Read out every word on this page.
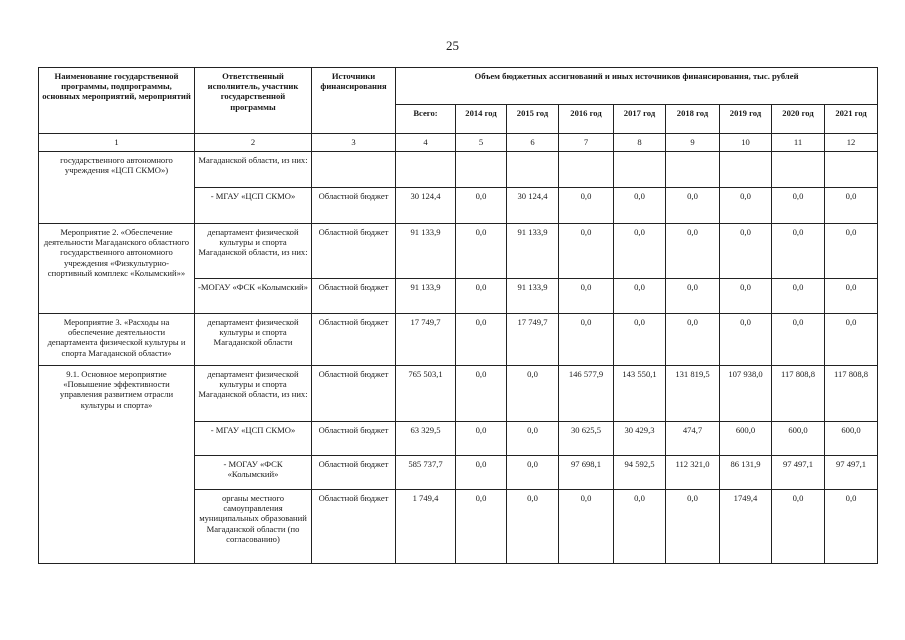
25
Наименование государственной программы, подпрограммы, основных мероприятий, мероприятий	Ответственный исполнитель, участник государственной программы	Источники финансирования	Объем бюджетных ассигнований и иных источников финансирования, тыс. рублей								
			Всего:	2014 год	2015 год	2016 год	2017 год	2018 год	2019 год	2020 год	2021 год
1	2	3	4	5	6	7	8	9	10	11	12
государственного автономного учреждения «ЦСП СКМО»)	Магаданской области, из них:										
	- МГАУ «ЦСП СКМО»	Областной бюджет	30 124,4	0,0	30 124,4	0,0	0,0	0,0	0,0	0,0	0,0
Мероприятие 2. «Обеспечение деятельности Магаданского областного государственного автономного учреждения «Физкультурно-спортивный комплекс «Колымский»»	департамент физической культуры и спорта Магаданской области, из них:	Областной бюджет	91 133,9	0,0	91 133,9	0,0	0,0	0,0	0,0	0,0	0,0
	-МОГАУ «ФСК «Колымский»	Областной бюджет	91 133,9	0,0	91 133,9	0,0	0,0	0,0	0,0	0,0	0,0
Мероприятие 3. «Расходы на обеспечение деятельности департамента физической культуры и спорта Магаданской области»	департамент физической культуры и спорта Магаданской области	Областной бюджет	17 749,7	0,0	17 749,7	0,0	0,0	0,0	0,0	0,0	0,0
9.1. Основное мероприятие «Повышение эффективности управления развитием отрасли культуры и спорта»	департамент физической культуры и спорта Магаданской области, из них:	Областной бюджет	765 503,1	0,0	0,0	146 577,9	143 550,1	131 819,5	107 938,0	117 808,8	117 808,8
	- МГАУ «ЦСП СКМО»	Областной бюджет	63 329,5	0,0	0,0	30 625,5	30 429,3	474,7	600,0	600,0	600,0
	- МОГАУ «ФСК «Колымский»	Областной бюджет	585 737,7	0,0	0,0	97 698,1	94 592,5	112 321,0	86 131,9	97 497,1	97 497,1
	органы местного самоуправления муниципальных образований Магаданской области (по согласованию)	Областной бюджет	1 749,4	0,0	0,0	0,0	0,0	0,0	1749,4	0,0	0,0
